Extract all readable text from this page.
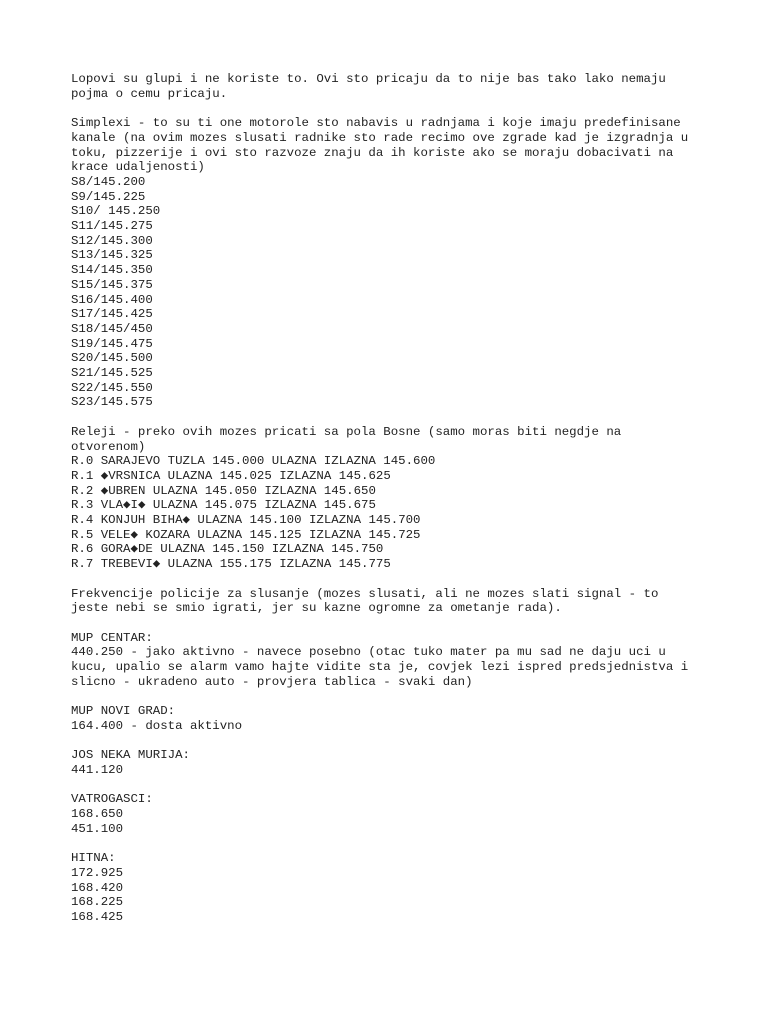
Lopovi su glupi i ne koriste to. Ovi sto pricaju da to nije bas tako lako nemaju
pojma o cemu pricaju.
Simplexi - to su ti one motorole sto nabavis u radnjama i koje imaju predefinisane
kanale (na ovim mozes slusati radnike sto rade recimo ove zgrade kad je izgradnja u
toku, pizzerije i ovi sto razvoze znaju da ih koriste ako se moraju dobacivati na
krace udaljenosti)
S8/145.200
S9/145.225
S10/ 145.250
S11/145.275
S12/145.300
S13/145.325
S14/145.350
S15/145.375
S16/145.400
S17/145.425
S18/145/450
S19/145.475
S20/145.500
S21/145.525
S22/145.550
S23/145.575
Releji - preko ovih mozes pricati sa pola Bosne (samo moras biti negdje na
otvorenom)
R.0 SARAJEVO TUZLA 145.000 ULAZNA IZLAZNA 145.600
R.1 ◆VRSNICA ULAZNA 145.025 IZLAZNA 145.625
R.2 ◆UBREN ULAZNA 145.050 IZLAZNA 145.650
R.3 VLA◆I◆ ULAZNA 145.075 IZLAZNA 145.675
R.4 KONJUH BIHA◆ ULAZNA 145.100 IZLAZNA 145.700
R.5 VELE◆ KOZARA ULAZNA 145.125 IZLAZNA 145.725
R.6 GORA◆DE ULAZNA 145.150 IZLAZNA 145.750
R.7 TREBEVI◆ ULAZNA 155.175 IZLAZNA 145.775
Frekvencije policije za slusanje (mozes slusati, ali ne mozes slati signal - to
jeste nebi se smio igrati, jer su kazne ogromne za ometanje rada).
MUP CENTAR:
440.250 - jako aktivno - navece posebno (otac tuko mater pa mu sad ne daju uci u
kucu, upalio se alarm vamo hajte vidite sta je, covjek lezi ispred predsjednistva i
slicno - ukradeno auto - provjera tablica - svaki dan)
MUP NOVI GRAD:
164.400 - dosta aktivno
JOS NEKA MURIJA:
441.120
VATROGASCI:
168.650
451.100
HITNA:
172.925
168.420
168.225
168.425
